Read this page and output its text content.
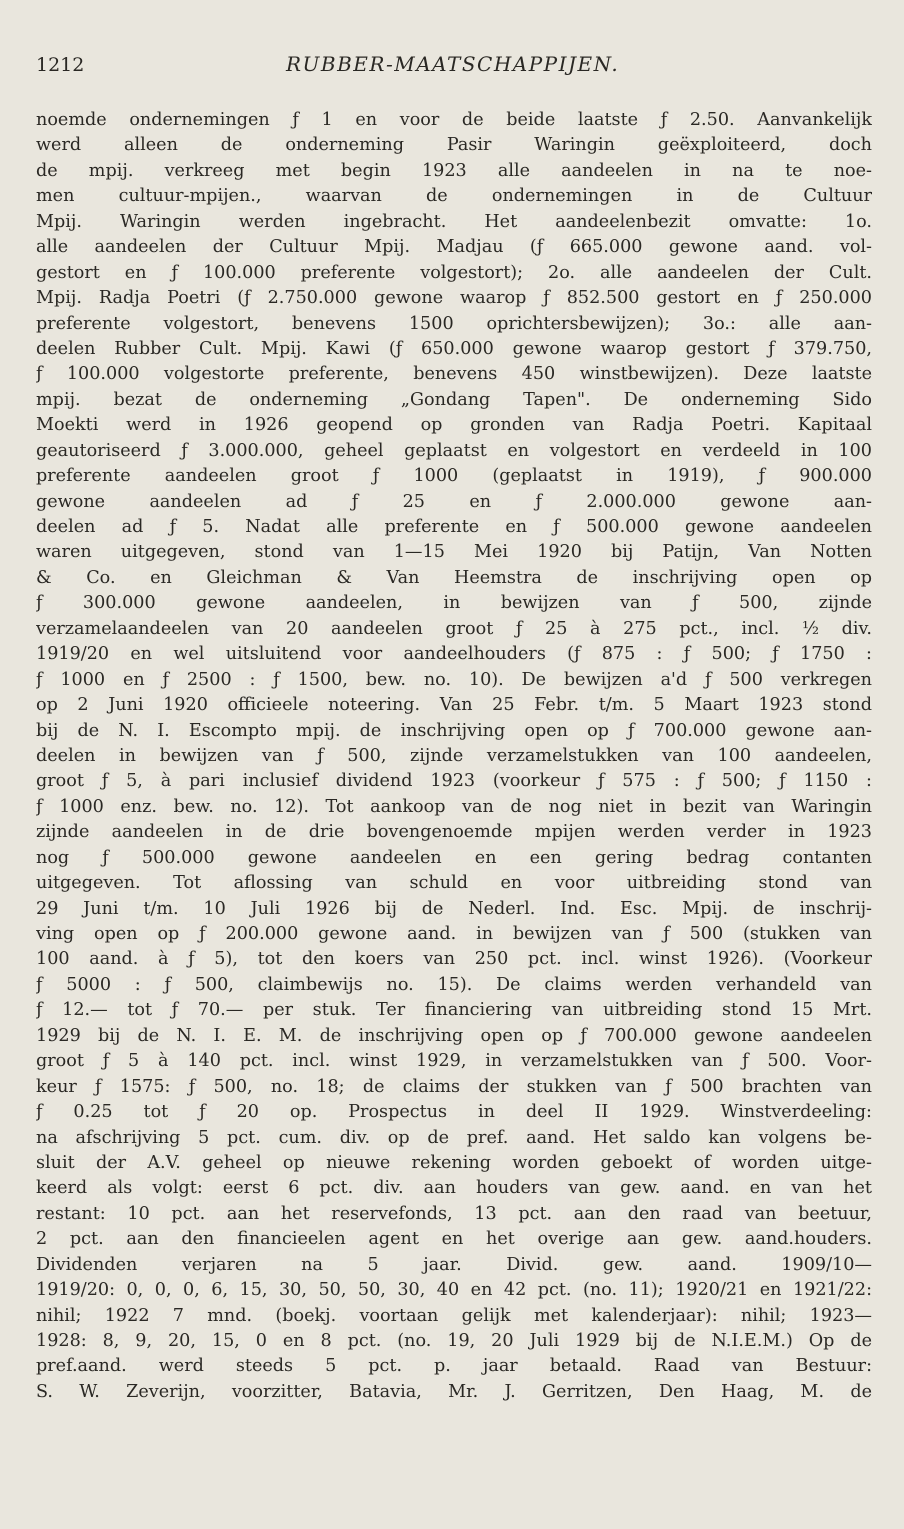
1212	RUBBER-MAATSCHAPPIJEN.
noemde ondernemingen ƒ 1 en voor de beide laatste ƒ 2.50. Aanvankelijk
werd alleen de onderneming Pasir Waringin geëxploiteerd, doch
de mpij. verkreeg met begin 1923 alle aandeelen in na te noe-
men cultuur-mpijen., waarvan de ondernemingen in de Cultuur
Mpij. Waringin werden ingebracht. Het aandeelenbezit omvatte: 1o.
alle aandeelen der Cultuur Mpij. Madjau (ƒ 665.000 gewone aand. vol-
gestort en ƒ 100.000 preferente volgestort); 2o. alle aandeelen der Cult.
Mpij. Radja Poetri (ƒ 2.750.000 gewone waarop ƒ 852.500 gestort en ƒ 250.000
preferente volgestort, benevens 1500 oprichtersbewijzen); 3o.: alle aan-
deelen Rubber Cult. Mpij. Kawi (ƒ 650.000 gewone waarop gestort ƒ 379.750,
ƒ 100.000 volgestorte preferente, benevens 450 winstbewijzen). Deze laatste
mpij. bezat de onderneming „Gondang Tapen". De onderneming Sido
Moekti werd in 1926 geopend op gronden van Radja Poetri. Kapitaal
geautoriseerd ƒ 3.000.000, geheel geplaatst en volgestort en verdeeld in 100
preferente aandeelen groot ƒ 1000 (geplaatst in 1919), ƒ 900.000
gewone aandeelen ad ƒ 25 en ƒ 2.000.000 gewone aan-
deelen ad ƒ 5. Nadat alle preferente en ƒ 500.000 gewone aandeelen
waren uitgegeven, stond van 1—15 Mei 1920 bij Patijn, Van Notten
& Co. en Gleichman & Van Heemstra de inschrijving open op
ƒ 300.000 gewone aandeelen, in bewijzen van ƒ 500, zijnde
verzamelaandeelen van 20 aandeelen groot ƒ 25 à 275 pct., incl. ½ div.
1919/20 en wel uitsluitend voor aandeelhouders (ƒ 875 : ƒ 500; ƒ 1750 :
ƒ 1000 en ƒ 2500 : ƒ 1500, bew. no. 10). De bewijzen a'd ƒ 500 verkregen
op 2 Juni 1920 officieele noteering. Van 25 Febr. t/m. 5 Maart 1923 stond
bij de N. I. Escompto mpij. de inschrijving open op ƒ 700.000 gewone aan-
deelen in bewijzen van ƒ 500, zijnde verzamelstukken van 100 aandeelen,
groot ƒ 5, à pari inclusief dividend 1923 (voorkeur ƒ 575 : ƒ 500; ƒ 1150 :
ƒ 1000 enz. bew. no. 12). Tot aankoop van de nog niet in bezit van Waringin
zijnde aandeelen in de drie bovengenoemde mpijen werden verder in 1923
nog ƒ 500.000 gewone aandeelen en een gering bedrag contanten
uitgegeven. Tot aflossing van schuld en voor uitbreiding stond van
29 Juni t/m. 10 Juli 1926 bij de Nederl. Ind. Esc. Mpij. de inschrij-
ving open op ƒ 200.000 gewone aand. in bewijzen van ƒ 500 (stukken van
100 aand. à ƒ 5), tot den koers van 250 pct. incl. winst 1926). (Voorkeur
ƒ 5000 : ƒ 500, claimbewijs no. 15). De claims werden verhandeld van
ƒ 12.— tot ƒ 70.— per stuk. Ter financiering van uitbreiding stond 15 Mrt.
1929 bij de N. I. E. M. de inschrijving open op ƒ 700.000 gewone aandeelen
groot ƒ 5 à 140 pct. incl. winst 1929, in verzamelstukken van ƒ 500. Voor-
keur ƒ 1575: ƒ 500, no. 18; de claims der stukken van ƒ 500 brachten van
ƒ 0.25 tot ƒ 20 op. Prospectus in deel II 1929. Winstverdeeling:
na afschrijving 5 pct. cum. div. op de pref. aand. Het saldo kan volgens be-
sluit der A.V. geheel op nieuwe rekening worden geboekt of worden uitge-
keerd als volgt: eerst 6 pct. div. aan houders van gew. aand. en van het
restant: 10 pct. aan het reservefonds, 13 pct. aan den raad van beetuur,
2 pct. aan den financieelen agent en het overige aan gew. aand.houders.
Dividenden verjaren na 5 jaar. Divid. gew. aand. 1909/10—
1919/20: 0, 0, 0, 6, 15, 30, 50, 50, 30, 40 en 42 pct. (no. 11); 1920/21 en 1921/22:
nihil; 1922 7 mnd. (boekj. voortaan gelijk met kalenderjaar): nihil; 1923—
1928: 8, 9, 20, 15, 0 en 8 pct. (no. 19, 20 Juli 1929 bij de N.I.E.M.) Op de
pref.aand. werd steeds 5 pct. p. jaar betaald. Raad van Bestuur:
S. W. Zeverijn, voorzitter, Batavia, Mr. J. Gerritzen, Den Haag, M. de
